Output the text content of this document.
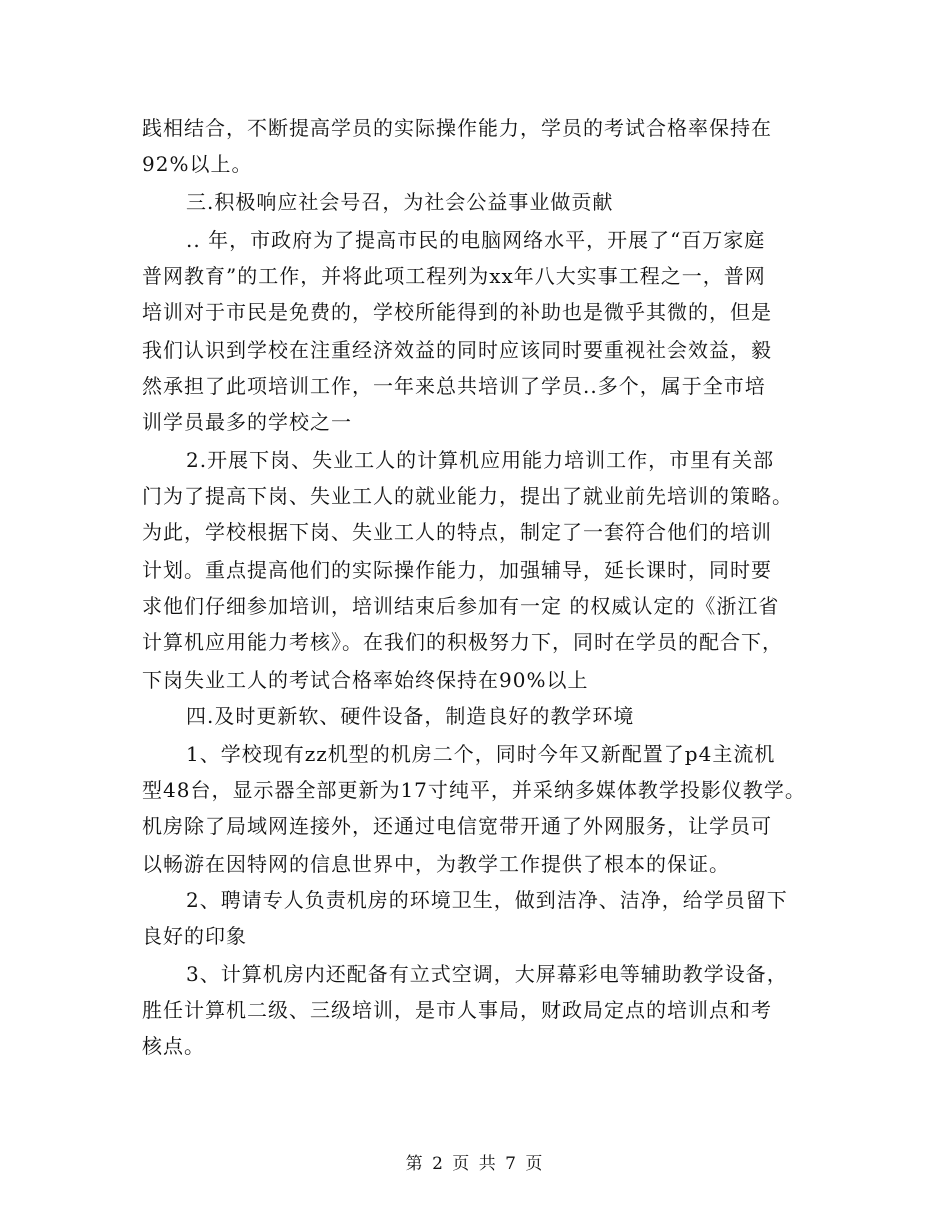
践相结合，不断提高学员的实际操作能力，学员的考试合格率保持在
92%以上。
三.积极响应社会号召，为社会公益事业做贡献
.. 年，市政府为了提高市民的电脑网络水平，开展了“百万家庭
普网教育”的工作，并将此项工程列为xx年八大实事工程之一，普网
培训对于市民是免费的，学校所能得到的补助也是微乎其微的，但是
我们认识到学校在注重经济效益的同时应该同时要重视社会效益，毅
然承担了此项培训工作，一年来总共培训了学员..多个，属于全市培
训学员最多的学校之一
2.开展下岗、失业工人的计算机应用能力培训工作，市里有关部
门为了提高下岗、失业工人的就业能力，提出了就业前先培训的策略。
为此，学校根据下岗、失业工人的特点，制定了一套符合他们的培训
计划。重点提高他们的实际操作能力，加强辅导，延长课时，同时要
求他们仔细参加培训，培训结束后参加有一定 的权威认定的《浙江省
计算机应用能力考核》。在我们的积极努力下，同时在学员的配合下，
下岗失业工人的考试合格率始终保持在90%以上
四.及时更新软、硬件设备，制造良好的教学环境
1、学校现有zz机型的机房二个，同时今年又新配置了p4主流机
型48台，显示器全部更新为17寸纯平，并采纳多媒体教学投影仪教学。
机房除了局域网连接外，还通过电信宽带开通了外网服务，让学员可
以畅游在因特网的信息世界中，为教学工作提供了根本的保证。
2、聘请专人负责机房的环境卫生，做到洁净、洁净，给学员留下
良好的印象
3、计算机房内还配备有立式空调，大屏幕彩电等辅助教学设备，
胜任计算机二级、三级培训，是市人事局，财政局定点的培训点和考
核点。
第 2 页 共 7 页
